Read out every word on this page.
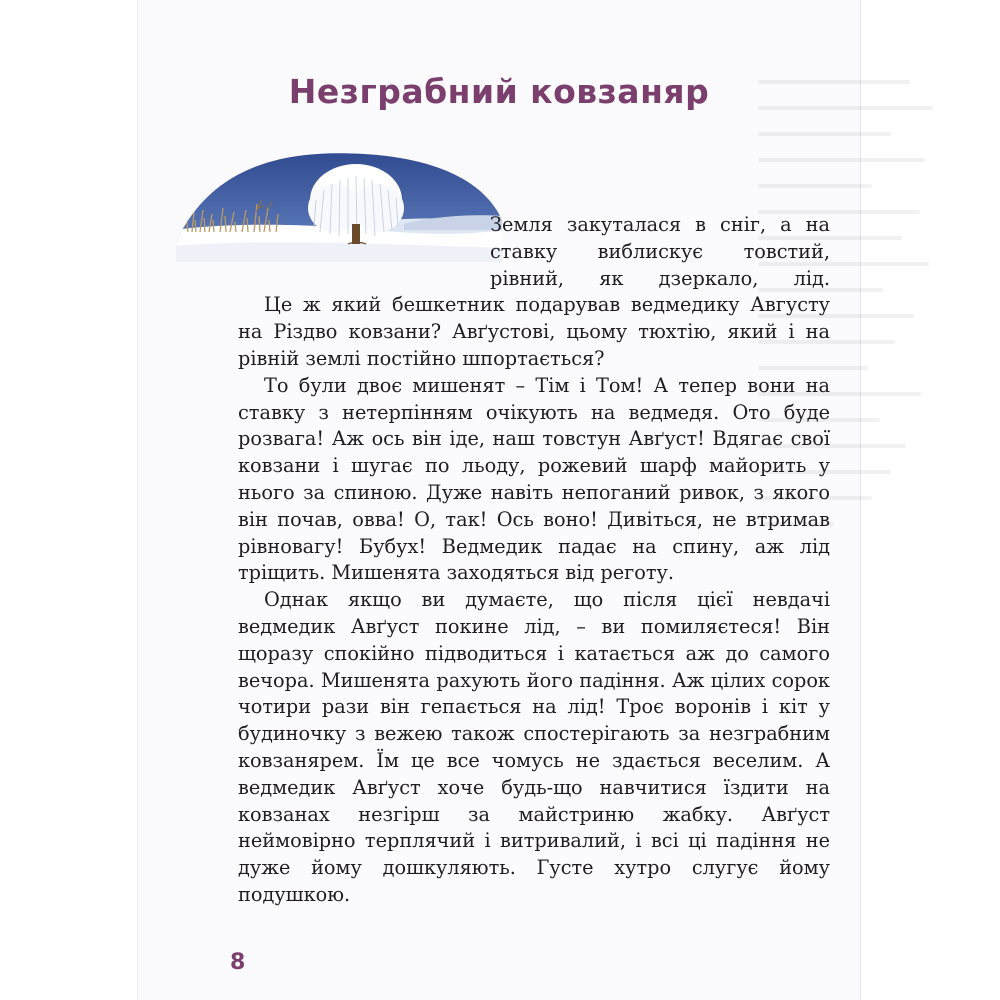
Незграбний ковзаняр
Земля закуталася в сніг, а на
ставку виблискує товстий,
рівний, як дзеркало, лід.

Це ж який бешкетник подарував ведмедику Августу на Різдво ковзани? Авґустові, цьому тюхтію, який і на рівній землі постійно шпортається?

То були двоє мишенят – Тім і Том! А тепер вони на ставку з нетерпінням очікують на ведмедя. Ото буде розвага! Аж ось він іде, наш товстун Авґуст! Вдягає свої ковзани і шугає по льоду, рожевий шарф майорить у нього за спиною. Дуже навіть непоганий ривок, з якого він почав, овва! О, так! Ось воно! Дивіться, не втримав рівновагу! Бубух! Ведмедик падає на спину, аж лід тріщить. Мишенята заходяться від реготу.

Однак якщо ви думаєте, що після цієї невдачі ведмедик Авґуст покине лід, – ви помиляєтеся! Він щоразу спокійно підводиться і катається аж до самого вечора. Мишенята рахують його падіння. Аж цілих сорок чотири рази він гепається на лід! Троє воронів і кіт у будиночку з вежею також спостерігають за незграбним ковзанярем. Їм це все чомусь не здається веселим. А ведмедик Авґуст хоче будь-що навчитися їздити на ковзанах незгірш за майстриню жабку. Авґуст неймовірно терплячий і витривалий, і всі ці падіння не дуже йому дошкуляють. Густе хутро слугує йому подушкою.

8
